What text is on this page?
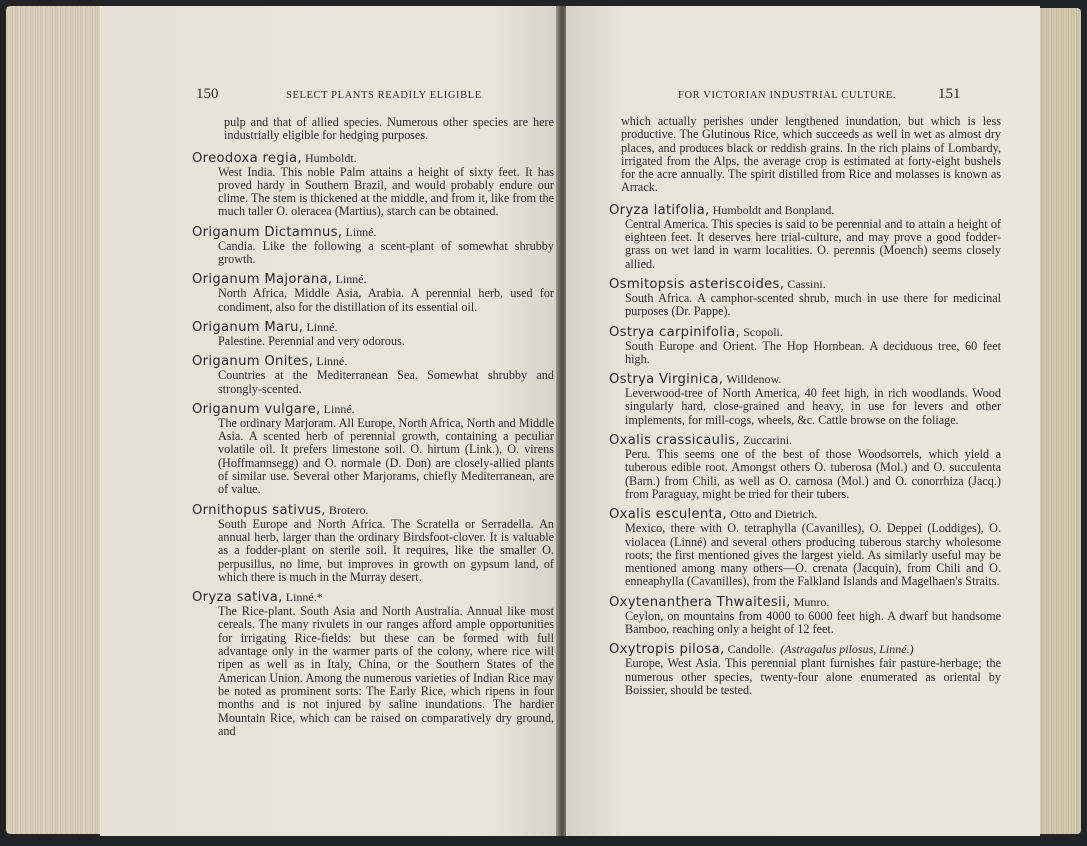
150	SELECT PLANTS READILY ELIGIBLE

pulp and that of allied species. Numerous other species are here industrially eligible for hedging purposes.

Oreodoxa regia, Humboldt.

West India. This noble Palm attains a height of sixty feet. It has proved hardy in Southern Brazil, and would probably endure our clime. The stem is thickened at the middle, and from it, like from the much taller O. oleracea (Martius), starch can be obtained.

Origanum Dictamnus, Linné.

Candia. Like the following a scent-plant of somewhat shrubby growth.

Origanum Majorana, Linné.

North Africa, Middle Asia, Arabia. A perennial herb, used for condiment, also for the distillation of its essential oil.

Origanum Maru, Linné.

Palestine. Perennial and very odorous.

Origanum Onites, Linné.

Countries at the Mediterranean Sea. Somewhat shrubby and strongly-scented.

Origanum vulgare, Linné.

The ordinary Marjoram. All Europe, North Africa, North and Middle Asia. A scented herb of perennial growth, containing a peculiar volatile oil. It prefers limestone soil. O. hirtum (Link.), O. virens (Hoffmannsegg) and O. normale (D. Don) are closely-allied plants of similar use. Several other Marjorams, chiefly Mediterranean, are of value.

Ornithopus sativus, Brotero.

South Europe and North Africa. The Scratella or Serradella. An annual herb, larger than the ordinary Birdsfoot-clover. It is valuable as a fodder-plant on sterile soil. It requires, like the smaller O. perpusillus, no lime, but improves in growth on gypsum land, of which there is much in the Murray desert.

Oryza sativa, Linné.*

The Rice-plant. South Asia and North Australia. Annual like most cereals. The many rivulets in our ranges afford ample opportunities for irrigating Rice-fields: but these can be formed with full advantage only in the warmer parts of the colony, where rice will ripen as well as in Italy, China, or the Southern States of the American Union. Among the numerous varieties of Indian Rice may be noted as prominent sorts: The Early Rice, which ripens in four months and is not injured by saline inundations. The hardier Mountain Rice, which can be raised on comparatively dry ground, and

FOR VICTORIAN INDUSTRIAL CULTURE.	151

which actually perishes under lengthened inundation, but which is less productive. The Glutinous Rice, which succeeds as well in wet as almost dry places, and produces black or reddish grains. In the rich plains of Lombardy, irrigated from the Alps, the average crop is estimated at forty-eight bushels for the acre annually. The spirit distilled from Rice and molasses is known as Arrack.

Oryza latifolia, Humboldt and Bonpland.

Central America. This species is said to be perennial and to attain a height of eighteen feet. It deserves here trial-culture, and may prove a good fodder-grass on wet land in warm localities. O. perennis (Moench) seems closely allied.

Osmitopsis asteriscoides, Cassini.

South Africa. A camphor-scented shrub, much in use there for medicinal purposes (Dr. Pappe).

Ostrya carpinifolia, Scopoli.

South Europe and Orient. The Hop Hornbean. A deciduous tree, 60 feet high.

Ostrya Virginica, Willdenow.

Leverwood-tree of North America, 40 feet high, in rich woodlands. Wood singularly hard, close-grained and heavy, in use for levers and other implements, for mill-cogs, wheels, &c. Cattle browse on the foliage.

Oxalis crassicaulis, Zuccarini.

Peru. This seems one of the best of those Woodsorrels, which yield a tuberous edible root. Amongst others O. tuberosa (Mol.) and O. succulenta (Barn.) from Chili, as well as O. carnosa (Mol.) and O. conorrhiza (Jacq.) from Paraguay, might be tried for their tubers.

Oxalis esculenta, Otto and Dietrich.

Mexico, there with O. tetraphylla (Cavanilles), O. Deppei (Loddiges), O. violacea (Linné) and several others producing tuberous starchy wholesome roots; the first mentioned gives the largest yield. As similarly useful may be mentioned among many others—O. crenata (Jacquin), from Chili and O. enneaphylla (Cavanilles), from the Falkland Islands and Magelhaen's Straits.

Oxytenanthera Thwaitesii, Munro.

Ceylon, on mountains from 4000 to 6000 feet high. A dwarf but handsome Bamboo, reaching only a height of 12 feet.

Oxytropis pilosa, Candolle. (Astragalus pilosus, Linné.)

Europe, West Asia. This perennial plant furnishes fair pasture-herbage; the numerous other species, twenty-four alone enumerated as oriental by Boissier, should be tested.
